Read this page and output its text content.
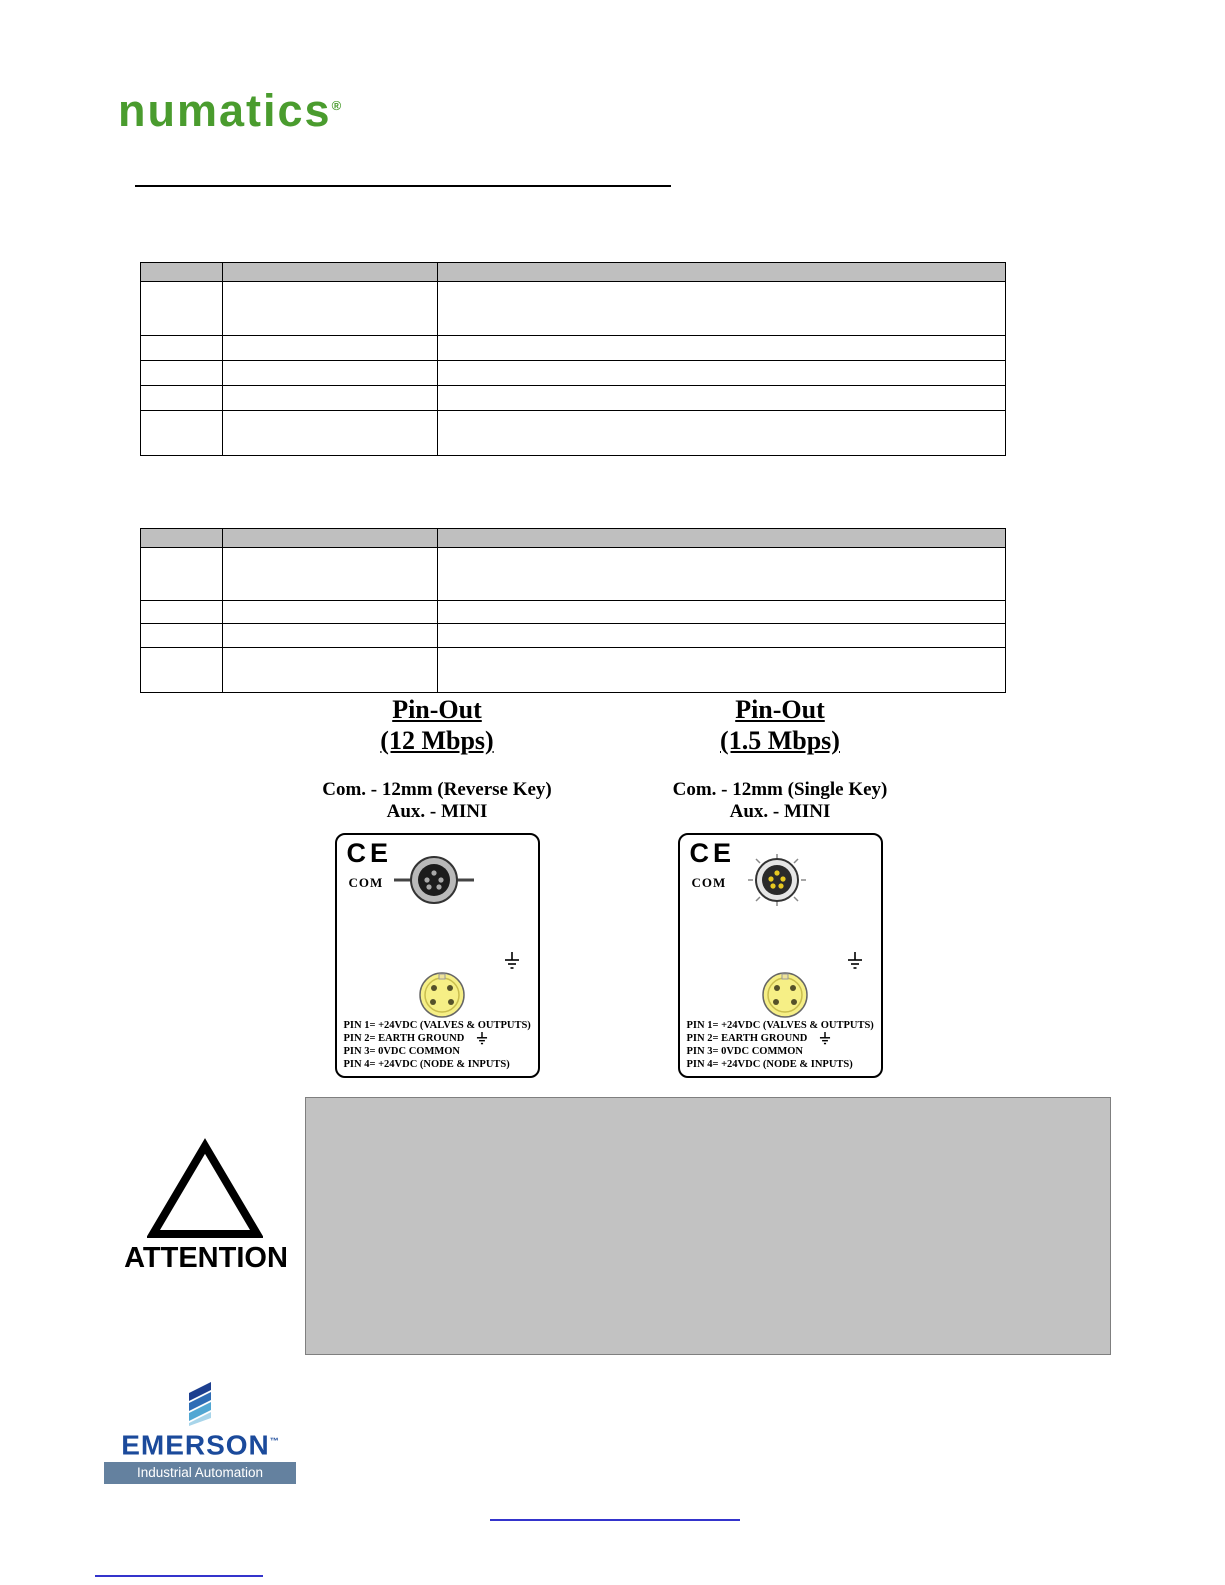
numatics®

Pin-Out
(12 Mbps)
Com. - 12mm (Reverse Key)
Aux. - MINI
CE
COM
PIN 1= +24VDC (VALVES & OUTPUTS)
PIN 2= EARTH GROUND
PIN 3= 0VDC COMMON
PIN 4= +24VDC (NODE & INPUTS)
Pin-Out
(1.5 Mbps)
Com. - 12mm (Single Key)
Aux. - MINI
CE
COM
PIN 1= +24VDC (VALVES & OUTPUTS)
PIN 2= EARTH GROUND
PIN 3= 0VDC COMMON
PIN 4= +24VDC (NODE & INPUTS)
ATTENTION
EMERSON™
Industrial Automation
